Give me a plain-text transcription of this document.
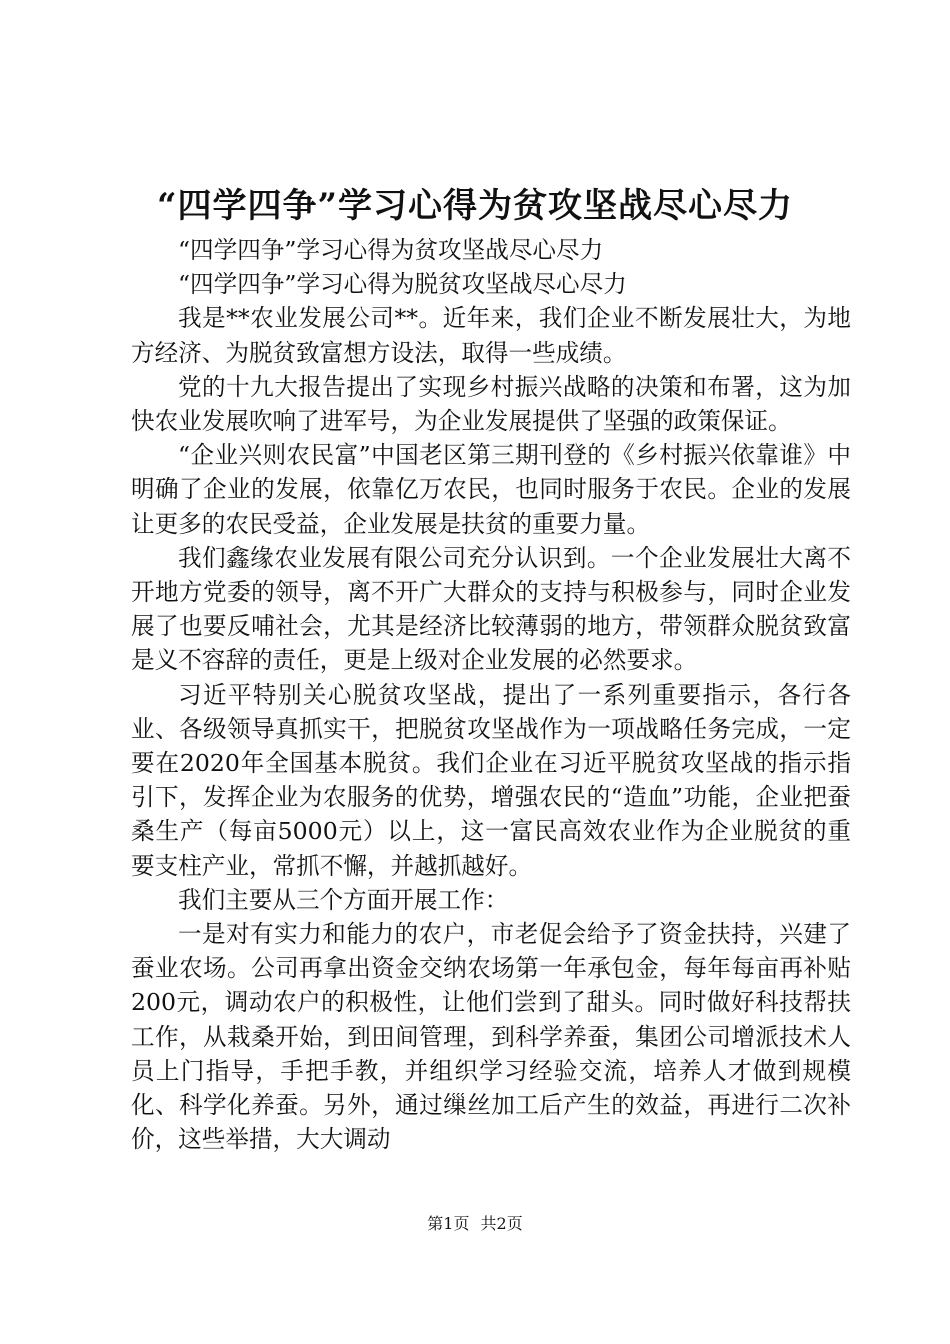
“四学四争”学习心得为贫攻坚战尽心尽力

“四学四争”学习心得为贫攻坚战尽心尽力

“四学四争”学习心得为脱贫攻坚战尽心尽力

我是**农业发展公司**。近年来，我们企业不断发展壮大，为地方经济、为脱贫致富想方设法，取得一些成绩。

党的十九大报告提出了实现乡村振兴战略的决策和布署，这为加快农业发展吹响了进军号，为企业发展提供了坚强的政策保证。

“企业兴则农民富”中国老区第三期刊登的《乡村振兴依靠谁》中明确了企业的发展，依靠亿万农民，也同时服务于农民。企业的发展让更多的农民受益，企业发展是扶贫的重要力量。

我们鑫缘农业发展有限公司充分认识到。一个企业发展壮大离不开地方党委的领导，离不开广大群众的支持与积极参与，同时企业发展了也要反哺社会，尤其是经济比较薄弱的地方，带领群众脱贫致富是义不容辞的责任，更是上级对企业发展的必然要求。

习近平特别关心脱贫攻坚战，提出了一系列重要指示，各行各业、各级领导真抓实干，把脱贫攻坚战作为一项战略任务完成，一定要在2020年全国基本脱贫。我们企业在习近平脱贫攻坚战的指示指引下，发挥企业为农服务的优势，增强农民的“造血”功能，企业把蚕桑生产（每亩5000元）以上，这一富民高效农业作为企业脱贫的重要支柱产业，常抓不懈，并越抓越好。

我们主要从三个方面开展工作：

一是对有实力和能力的农户，市老促会给予了资金扶持，兴建了蚕业农场。公司再拿出资金交纳农场第一年承包金，每年每亩再补贴200元，调动农户的积极性，让他们尝到了甜头。同时做好科技帮扶工作，从栽桑开始，到田间管理，到科学养蚕，集团公司增派技术人员上门指导，手把手教，并组织学习经验交流，培养人才做到规模化、科学化养蚕。另外，通过缫丝加工后产生的效益，再进行二次补价，这些举措，大大调动

第1页 共2页
